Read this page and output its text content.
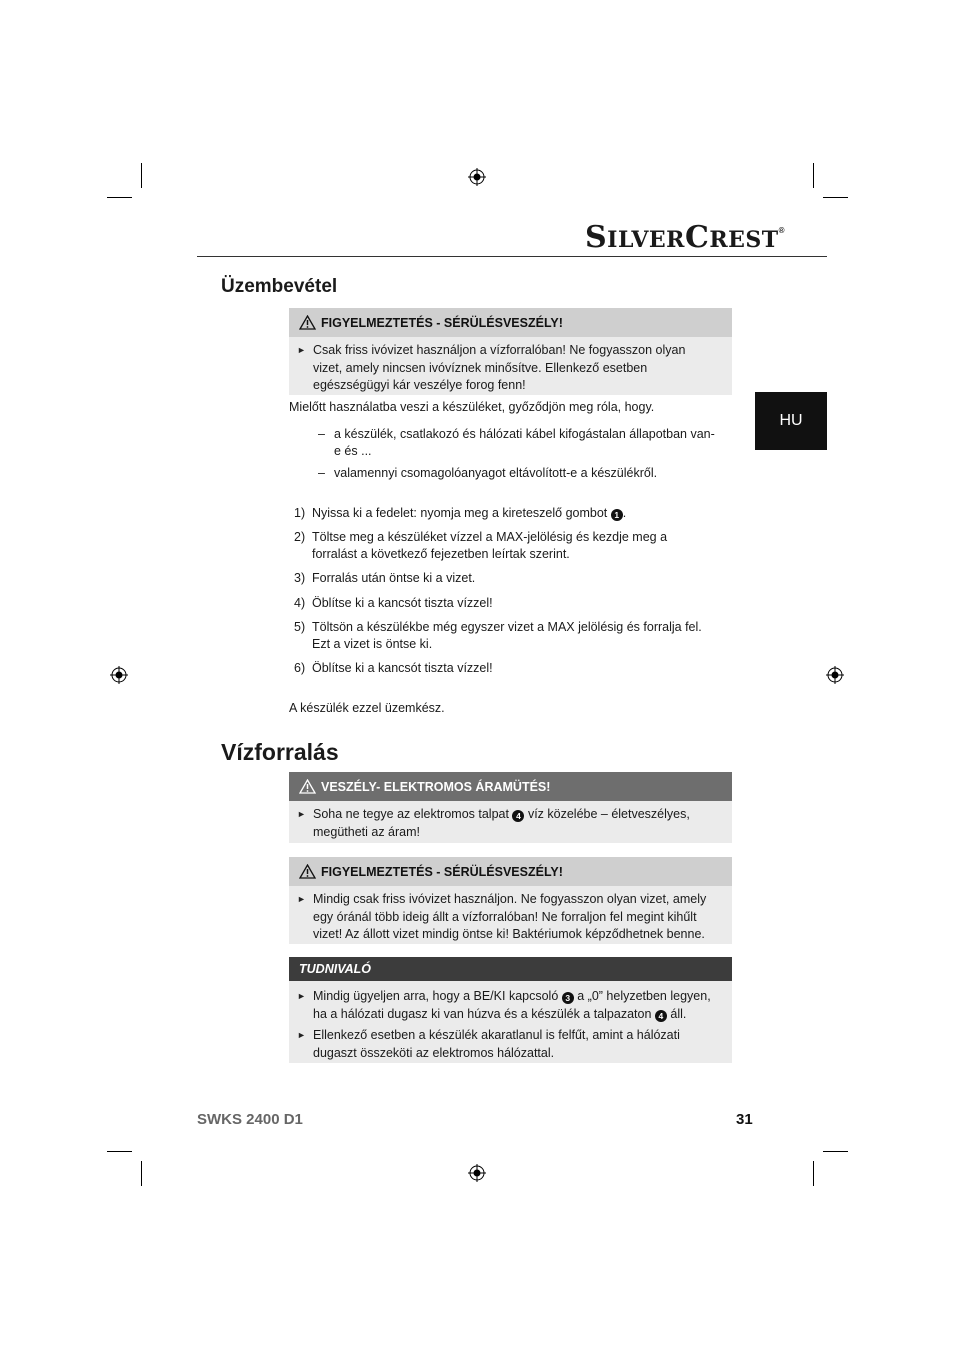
SILVERCREST®
HU
Üzembevétel
FIGYELMEZTETÉS - SÉRÜLÉSVESZÉLY!
► Csak friss ivóvizet használjon a vízforralóban! Ne fogyasszon olyan vizet, amely nincsen ivóvíznek minősítve. Ellenkező esetben egészségügyi kár veszélye forog fenn!
Mielőtt használatba veszi a készüléket, győződjön meg róla, hogy.
– a készülék, csatlakozó és hálózati kábel kifogástalan állapotban van-e és ...
– valamennyi csomagolóanyagot eltávolított-e a készülékről.
1) Nyissa ki a fedelet: nyomja meg a kireteszelő gombot 1 .
2) Töltse meg a készüléket vízzel a MAX-jelölésig és kezdje meg a forralást a következő fejezetben leírtak szerint.
3) Forralás után öntse ki a vizet.
4) Öblítse ki a kancsót tiszta vízzel!
5) Töltsön a készülékbe még egyszer vizet a MAX jelölésig és forralja fel. Ezt a vizet is öntse ki.
6) Öblítse ki a kancsót tiszta vízzel!
A készülék ezzel üzemkész.
Vízforralás
VESZÉLY- ELEKTROMOS ÁRAMÜTÉS!
► Soha ne tegye az elektromos talpat 4 víz közelébe – életveszélyes, megütheti az áram!
FIGYELMEZTETÉS - SÉRÜLÉSVESZÉLY!
► Mindig csak friss ivóvizet használjon. Ne fogyasszon olyan vizet, amely egy óránál több ideig állt a vízforralóban! Ne forraljon fel megint kihűlt vizet! Az állott vizet mindig öntse ki! Baktériumok képződhetnek benne.
TUDNIVALÓ
► Mindig ügyeljen arra, hogy a BE/KI kapcsoló 3 a „0” helyzetben legyen, ha a hálózati dugasz ki van húzva és a készülék a talpazaton 4 áll.
► Ellenkező esetben a készülék akaratlanul is felfűt, amint a hálózati dugaszt összeköti az elektromos hálózattal.
SWKS 2400 D1	31
